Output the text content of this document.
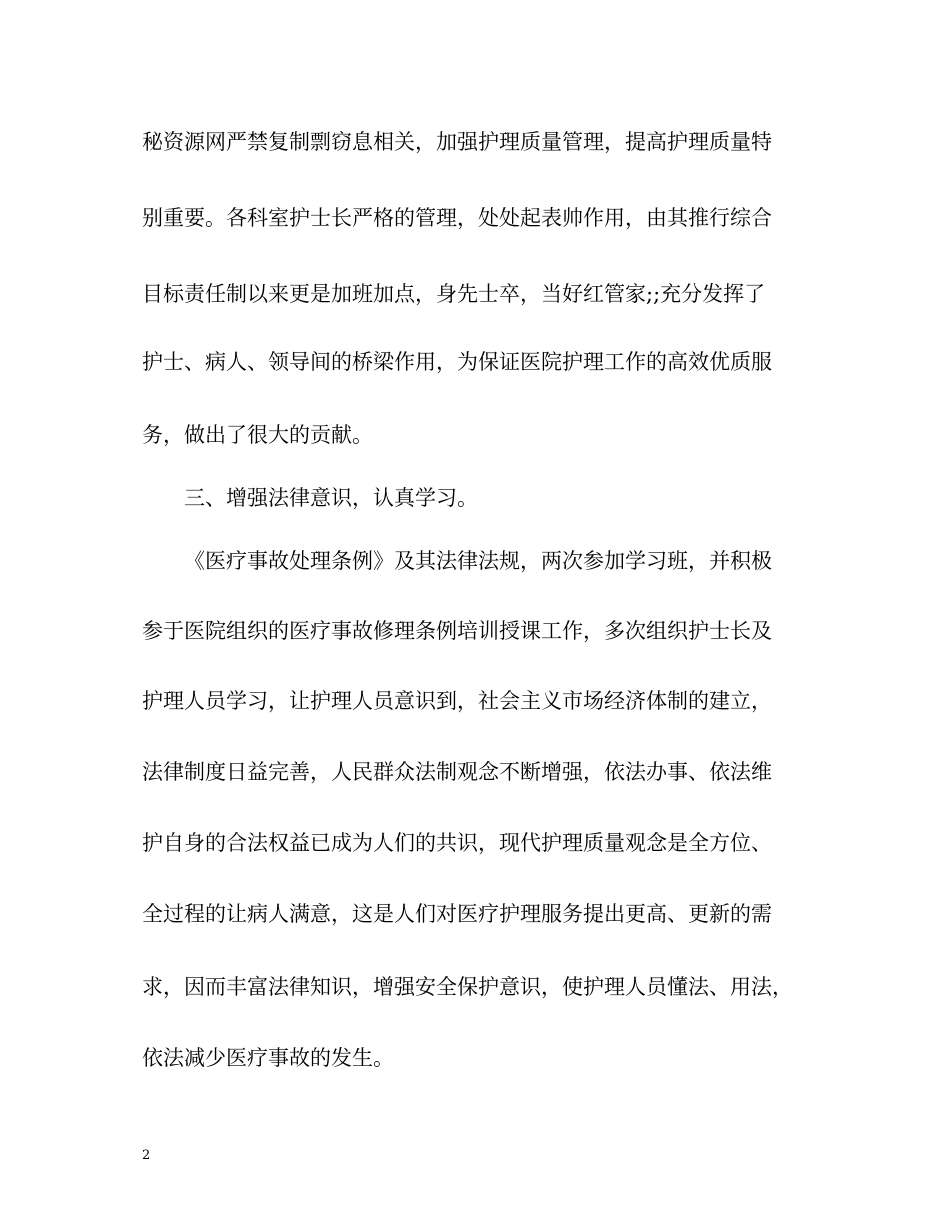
秘资源网严禁复制剽窃息相关，加强护理质量管理，提高护理质量特
别重要。各科室护士长严格的管理，处处起表帅作用，由其推行综合
目标责任制以来更是加班加点，身先士卒，当好红管家;;充分发挥了
护士、病人、领导间的桥梁作用，为保证医院护理工作的高效优质服
务，做出了很大的贡献。
三、增强法律意识，认真学习。
《医疗事故处理条例》及其法律法规，两次参加学习班，并积极
参于医院组织的医疗事故修理条例培训授课工作，多次组织护士长及
护理人员学习，让护理人员意识到，社会主义市场经济体制的建立，
法律制度日益完善，人民群众法制观念不断增强，依法办事、依法维
护自身的合法权益已成为人们的共识，现代护理质量观念是全方位、
全过程的让病人满意，这是人们对医疗护理服务提出更高、更新的需
求，因而丰富法律知识，增强安全保护意识，使护理人员懂法、用法，
依法减少医疗事故的发生。
2
